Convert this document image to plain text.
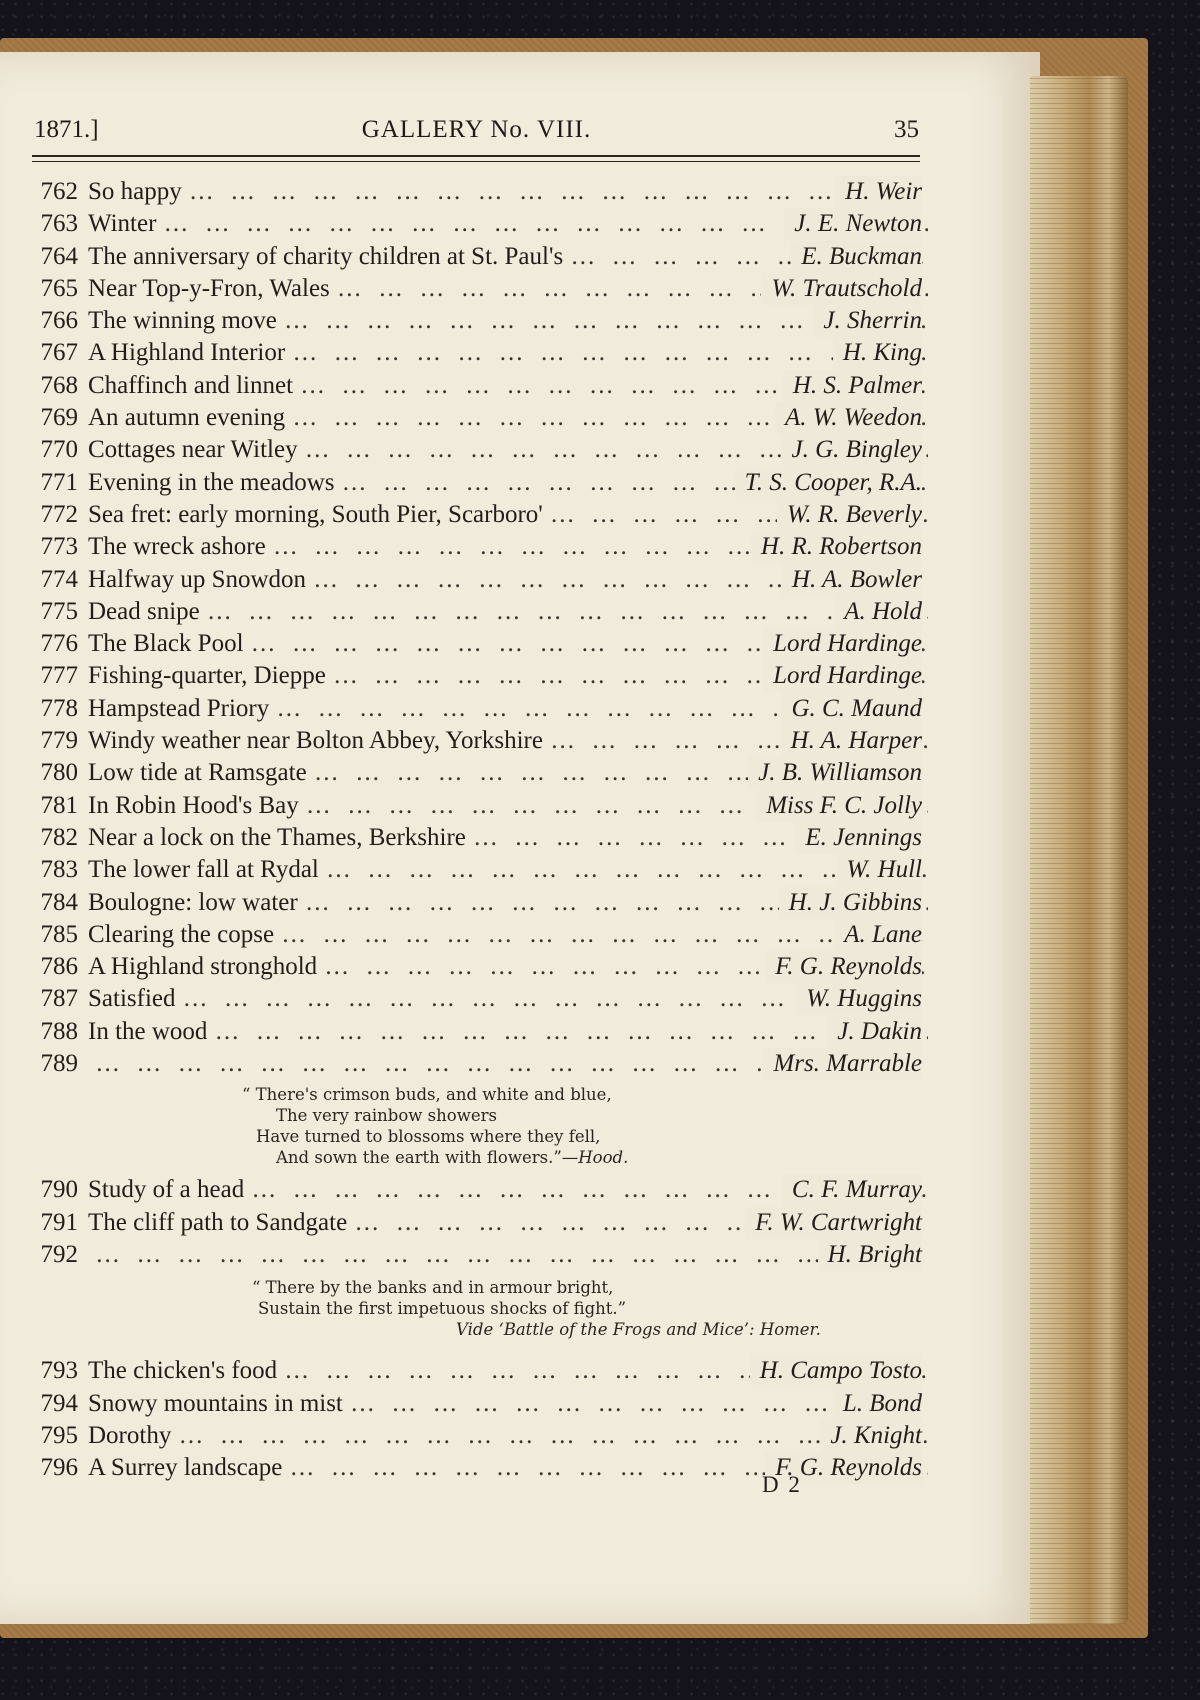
1871.]	GALLERY No. VIII.	35
762 So happy ...	H. Weir
763 Winter ...	J. E. Newton
764 The anniversary of charity children at St. Paul's ...	E. Buckman
765 Near Top-y-Fron, Wales ...	W. Trautschold
766 The winning move ...	J. Sherrin
767 A Highland Interior ...	H. King
768 Chaffinch and linnet ...	H. S. Palmer
769 An autumn evening ...	A. W. Weedon
770 Cottages near Witley ...	J. G. Bingley
771 Evening in the meadows ...	T. S. Cooper, R.A.
772 Sea fret: early morning, South Pier, Scarboro' ...	W. R. Beverly
773 The wreck ashore ...	H. R. Robertson
774 Halfway up Snowdon ...	H. A. Bowler
775 Dead snipe ...	A. Hold
776 The Black Pool ...	Lord Hardinge
777 Fishing-quarter, Dieppe ...	Lord Hardinge
778 Hampstead Priory ...	G. C. Maund
779 Windy weather near Bolton Abbey, Yorkshire ...	H. A. Harper
780 Low tide at Ramsgate ...	J. B. Williamson
781 In Robin Hood's Bay ...	Miss F. C. Jolly
782 Near a lock on the Thames, Berkshire ...	E. Jennings
783 The lower fall at Rydal ...	W. Hull
784 Boulogne: low water ...	H. J. Gibbins
785 Clearing the copse ...	A. Lane
786 A Highland stronghold ...	F. G. Reynolds
787 Satisfied ...	W. Huggins
788 In the wood ...	J. Dakin
789 ...	Mrs. Marrable
“ There's crimson buds, and white and blue,
The very rainbow showers
Have turned to blossoms where they fell,
And sown the earth with flowers.”—Hood.
790 Study of a head ...	C. F. Murray
791 The cliff path to Sandgate ...	F. W. Cartwright
792 ...	H. Bright
“ There by the banks and in armour bright,
Sustain the first impetuous shocks of fight.”
Vide ‘Battle of the Frogs and Mice’: Homer.
793 The chicken's food ...	H. Campo Tosto
794 Snowy mountains in mist ...	L. Bond
795 Dorothy ...	J. Knight
796 A Surrey landscape ...	F. G. Reynolds
D 2
